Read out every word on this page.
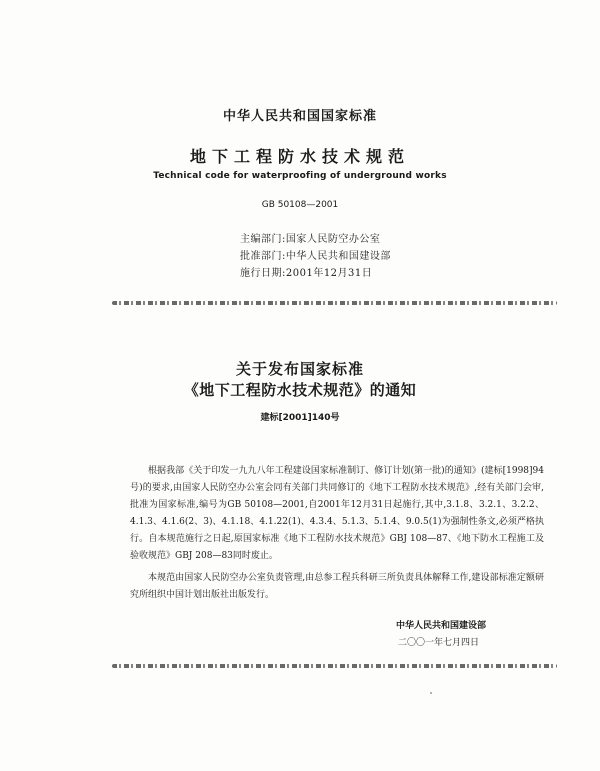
中华人民共和国国家标准
地下工程防水技术规范
Technical code for waterproofing of underground works
GB 50108—2001
主编部门:国家人民防空办公室
批准部门:中华人民共和国建设部
施行日期:2001年12月31日
关于发布国家标准
《地下工程防水技术规范》的通知
建标[2001]140号
根据我部《关于印发一九九八年工程建设国家标准制订、修订计划(第一批)的通知》(建标[1998]94号)的要求,由国家人民防空办公室会同有关部门共同修订的《地下工程防水技术规范》,经有关部门会审,批准为国家标准,编号为GB 50108—2001,自2001年12月31日起施行,其中,3.1.8、3.2.1、3.2.2、4.1.3、4.1.6(2、3)、4.1.18、4.1.22(1)、4.3.4、5.1.3、5.1.4、9.0.5(1)为强制性条文,必须严格执行。自本规范施行之日起,原国家标准《地下工程防水技术规范》GBJ 108—87、《地下防水工程施工及验收规范》GBJ 208—83同时废止。
本规范由国家人民防空办公室负责管理,由总参工程兵科研三所负责具体解释工作,建设部标准定额研究所组织中国计划出版社出版发行。
中华人民共和国建设部
二〇〇一年七月四日
